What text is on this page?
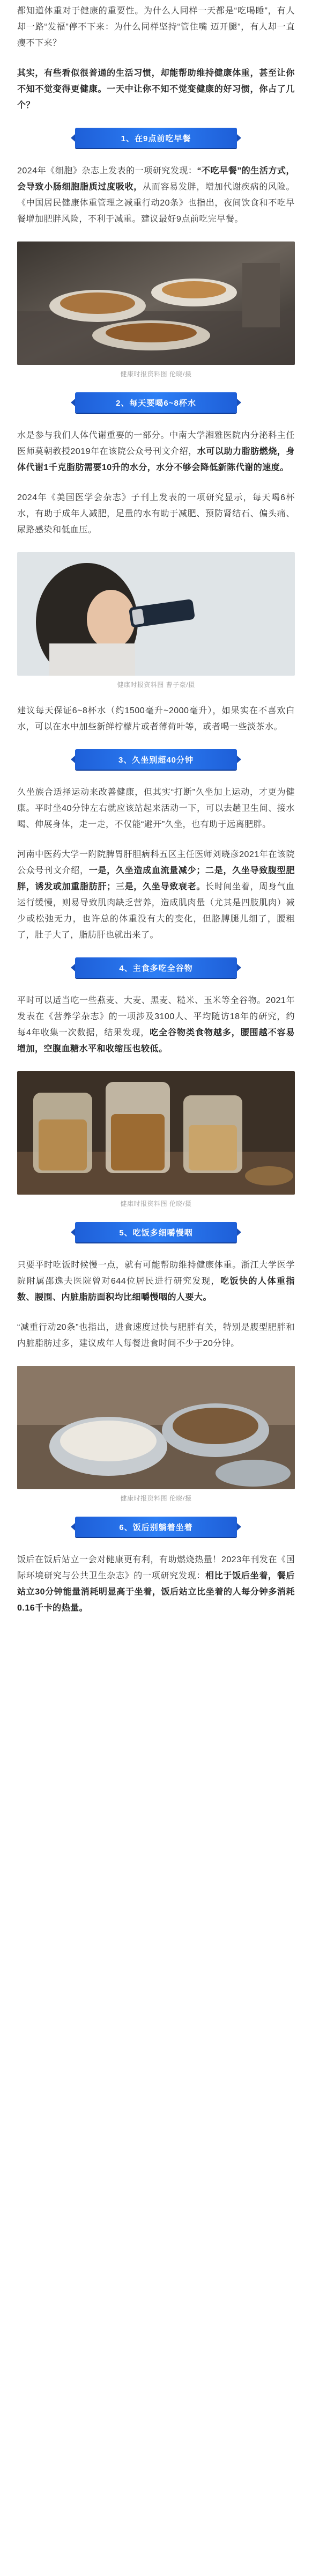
都知道体重对于健康的重要性。为什么人同样一天都是“吃喝睡”，有人却一路“发福”停不下来：为什么同样坚持“管住嘴 迈开腿”，有人却一直瘦不下来？

其实，有些看似很普通的生活习惯，却能帮助维持健康体重，甚至让你不知不觉变得更健康。一天中让你不知不觉变健康的好习惯，你占了几个？

1、在9点前吃早餐

2024年《细胞》杂志上发表的一项研究发现：“不吃早餐”的生活方式，会导致小肠细胞脂质过度吸收，从而容易发胖，增加代谢疾病的风险。《中国居民健康体重管理之减重行动20条》也指出，夜间饮食和不吃早餐增加肥胖风险，不利于减重。建议最好9点前吃完早餐。

健康时报资料图 伦晓/摄
2、每天要喝6~8杯水

水是参与我们人体代谢重要的一部分。中南大学湘雅医院内分泌科主任医师莫朝教授2019年在该院公众号刊文介绍，水可以助力脂肪燃烧，身体代谢1千克脂肪需要10升的水分，水分不够会降低新陈代谢的速度。

2024年《美国医学会杂志》子刊上发表的一项研究显示，每天喝6杯水，有助于成年人减肥，足量的水有助于减肥、预防肾结石、偏头痛、尿路感染和低血压。

健康时报资料图 曹子豪/摄

建议每天保证6~8杯水（约1500毫升~2000毫升），如果实在不喜欢白水，可以在水中加些新鲜柠檬片或者薄荷叶等，或者喝一些淡茶水。

3、久坐别超40分钟

久坐族合适择运动来改善健康，但其实“打断”久坐加上运动，才更为健康。平时坐40分钟左右就应该站起来活动一下，可以去趟卫生间、接水喝、伸展身体，走一走，不仅能“避开”久坐，也有助于远离肥胖。

河南中医药大学一附院脾胃肝胆病科五区主任医师刘晓彦2021年在该院公众号刊文介绍，一是，久坐造成血流量减少；二是，久坐导致腹型肥胖，诱发或加重脂肪肝；三是，久坐导致衰老。长时间坐着，周身气血运行缓慢，则易导致肌肉缺乏营养，造成肌肉量（尤其是四肢肌肉）减少或松弛无力，也许总的体重没有大的变化，但胳膊腿儿细了，腰粗了，肚子大了，脂肪肝也就出来了。

4、主食多吃全谷物

平时可以适当吃一些燕麦、大麦、黑麦、糙米、玉米等全谷物。2021年发表在《营养学杂志》的一项涉及3100人、平均随访18年的研究，约每4年收集一次数据，结果发现，吃全谷物类食物越多，腰围越不容易增加，空腹血糖水平和收缩压也较低。

健康时报资料图 伦晓/摄
5、吃饭多细嚼慢咽

只要平时吃饭时候慢一点，就有可能帮助维持健康体重。浙江大学医学院附属邵逸夫医院曾对644位居民进行研究发现，吃饭快的人体重指数、腰围、内脏脂肪面积均比细嚼慢咽的人要大。

“减重行动20条”也指出，进食速度过快与肥胖有关，特别是腹型肥胖和内脏脂肪过多，建议成年人每餐进食时间不少于20分钟。

健康时报资料图 伦晓/摄
6、饭后别躺着坐着

饭后在饭后站立一会对健康更有利，有助燃烧热量！2023年刊发在《国际环境研究与公共卫生杂志》的一项研究发现：相比于饭后坐着，餐后站立30分钟能量消耗明显高于坐着，饭后站立比坐着的人每分钟多消耗0.16千卡的热量。
